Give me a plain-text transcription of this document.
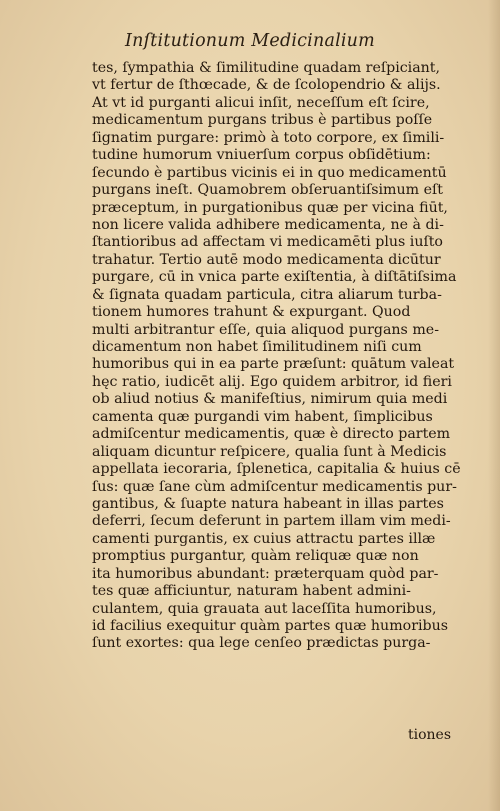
Inſtitutionum Medicinalium
tes, ſympathia & ſimilitudine quadam reſpiciant,
vt fertur de ſthœcade, & de ſcolopendrio & alijs.
At vt id purganti alicui inſit, neceſſum eſt ſcire,
medicamentum purgans tribus è partibus poſſe
ſignatim purgare: primò à toto corpore, ex ſimili-
tudine humorum vniuerſum corpus obſidētium:
ſecundo è partibus vicinis ei in quo medicamentū
purgans ineſt. Quamobrem obſeruantiſsimum eſt
præceptum, in purgationibus quæ per vicina fiūt,
non licere valida adhibere medicamenta, ne à di-
ſtantioribus ad affectam vi medicamēti plus iuſto
trahatur. Tertio autē modo medicamenta dicūtur
purgare, cū in vnica parte exiſtentia, à diſtātiſsima
& ſignata quadam particula, citra aliarum turba-
tionem humores trahunt & expurgant. Quod
multi arbitrantur eſſe, quia aliquod purgans me-
dicamentum non habet ſimilitudinem niſi cum
humoribus qui in ea parte præſunt: quātum valeat
hęc ratio, iudicēt alij. Ego quidem arbitror, id fieri
ob aliud notius & manifeſtius, nimirum quia medi
camenta quæ purgandi vim habent, ſimplicibus
admiſcentur medicamentis, quæ è directo partem
aliquam dicuntur reſpicere, qualia ſunt à Medicis
appellata iecoraria, ſplenetica, capitalia & huius cē
ſus: quæ ſane cùm admiſcentur medicamentis pur-
gantibus, & ſuapte natura habeant in illas partes
deferri, ſecum deferunt in partem illam vim medi-
camenti purgantis, ex cuius attractu partes illæ
promptius purgantur, quàm reliquæ quæ non
ita humoribus abundant: præterquam quòd par-
tes quæ afficiuntur, naturam habent admini-
culantem, quia grauata aut laceſſita humoribus,
id facilius exequitur quàm partes quæ humoribus
ſunt exortes: qua lege cenſeo prædictas purga-
tiones
